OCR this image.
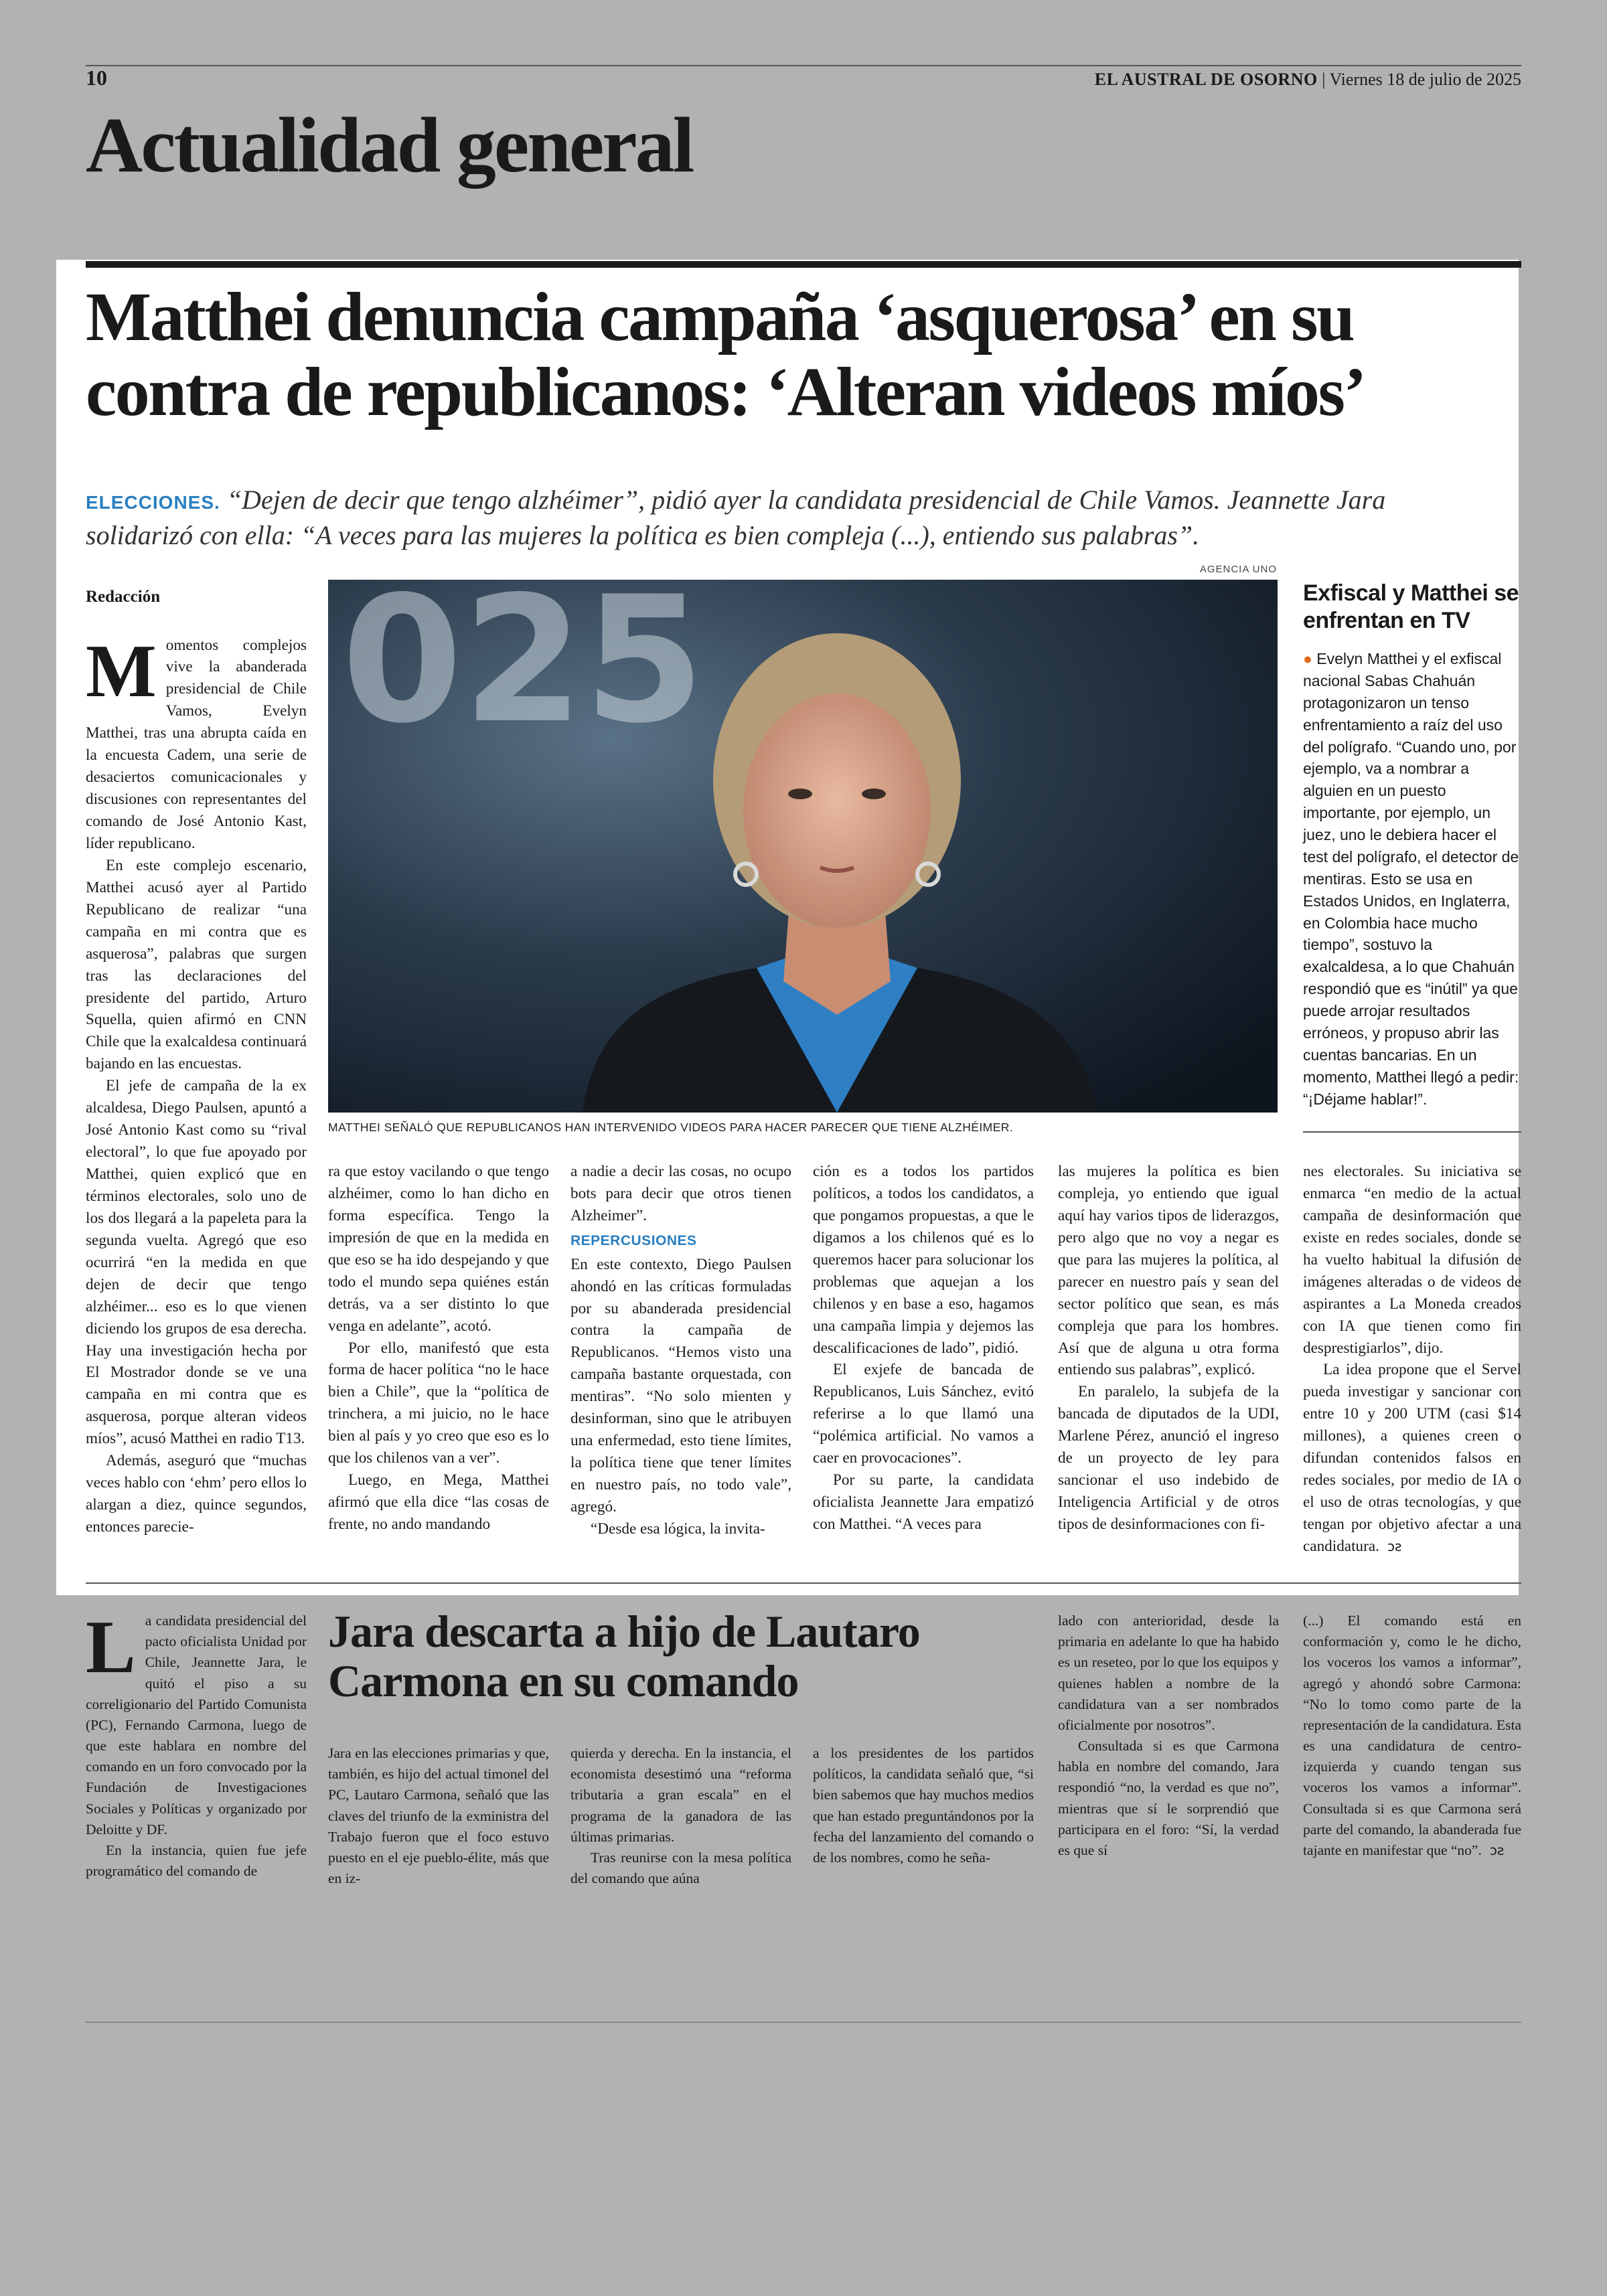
10	EL AUSTRAL DE OSORNO | Viernes 18 de julio de 2025
Actualidad general
Matthei denuncia campaña ‘asquerosa’ en su contra de republicanos: ‘Alteran videos míos’
ELECCIONES. “Dejen de decir que tengo alzhéimer”, pidió ayer la candidata presidencial de Chile Vamos. Jeannette Jara solidarizó con ella: “A veces para las mujeres la política es bien compleja (...), entiendo sus palabras”.
Redacción

Momentos complejos vive la abanderada presidencial de Chile Vamos, Evelyn Matthei, tras una abrupta caída en la encuesta Cadem, una serie de desaciertos comunicacionales y discusiones con representantes del comando de José Antonio Kast, líder republicano.

En este complejo escenario, Matthei acusó ayer al Partido Republicano de realizar “una campaña en mi contra que es asquerosa”, palabras que surgen tras las declaraciones del presidente del partido, Arturo Squella, quien afirmó en CNN Chile que la exalcaldesa continuará bajando en las encuestas.

El jefe de campaña de la ex alcaldesa, Diego Paulsen, apuntó a José Antonio Kast como su “rival electoral”, lo que fue apoyado por Matthei, quien explicó que en términos electorales, solo uno de los dos llegará a la papeleta para la segunda vuelta. Agregó que eso ocurrirá “en la medida en que dejen de decir que tengo alzhéimer... eso es lo que vienen diciendo los grupos de esa derecha. Hay una investigación hecha por El Mostrador donde se ve una campaña en mi contra que es asquerosa, porque alteran videos míos”, acusó Matthei en radio T13.

Además, aseguró que “muchas veces hablo con ‘ehm’ pero ellos lo alargan a diez, quince segundos, entonces parecie-

AGENCIA UNO
025
MATTHEI SEÑALÓ QUE REPUBLICANOS HAN INTERVENIDO VIDEOS PARA HACER PARECER QUE TIENE ALZHÉIMER.
Exfiscal y Matthei se enfrentan en TV
● Evelyn Matthei y el exfiscal nacional Sabas Chahuán protagonizaron un tenso enfrentamiento a raíz del uso del polígrafo. “Cuando uno, por ejemplo, va a nombrar a alguien en un puesto importante, por ejemplo, un juez, uno le debiera hacer el test del polígrafo, el detector de mentiras. Esto se usa en Estados Unidos, en Inglaterra, en Colombia hace mucho tiempo”, sostuvo la exalcaldesa, a lo que Chahuán respondió que es “inútil” ya que puede arrojar resultados erróneos, y propuso abrir las cuentas bancarias. En un momento, Matthei llegó a pedir: “¡Déjame hablar!”.

ra que estoy vacilando o que tengo alzhéimer, como lo han dicho en forma específica. Tengo la impresión de que en la medida en que eso se ha ido despejando y que todo el mundo sepa quiénes están detrás, va a ser distinto lo que venga en adelante”, acotó.

Por ello, manifestó que esta forma de hacer política “no le hace bien a Chile”, que la “política de trinchera, a mi juicio, no le hace bien al país y yo creo que eso es lo que los chilenos van a ver”.

Luego, en Mega, Matthei afirmó que ella dice “las cosas de frente, no ando mandando

a nadie a decir las cosas, no ocupo bots para decir que otros tienen Alzheimer”.

REPERCUSIONES

En este contexto, Diego Paulsen ahondó en las críticas formuladas por su abanderada presidencial contra la campaña de Republicanos. “Hemos visto una campaña bastante orquestada, con mentiras”. “No solo mienten y desinforman, sino que le atribuyen una enfermedad, esto tiene límites, la política tiene que tener límites en nuestro país, no todo vale”, agregó.

“Desde esa lógica, la invita-

ción es a todos los partidos políticos, a todos los candidatos, a que pongamos propuestas, a que le digamos a los chilenos qué es lo queremos hacer para solucionar los problemas que aquejan a los chilenos y en base a eso, hagamos una campaña limpia y dejemos las descalificaciones de lado”, pidió.

El exjefe de bancada de Republicanos, Luis Sánchez, evitó referirse a lo que llamó una “polémica artificial. No vamos a caer en provocaciones”.

Por su parte, la candidata oficialista Jeannette Jara empatizó con Matthei. “A veces para

las mujeres la política es bien compleja, yo entiendo que igual aquí hay varios tipos de liderazgos, pero algo que no voy a negar es que para las mujeres la política, al parecer en nuestro país y sean del sector político que sean, es más compleja que para los hombres. Así que de alguna u otra forma entiendo sus palabras”, explicó.

En paralelo, la subjefa de la bancada de diputados de la UDI, Marlene Pérez, anunció el ingreso de un proyecto de ley para sancionar el uso indebido de Inteligencia Artificial y de otros tipos de desinformaciones con fi-

nes electorales. Su iniciativa se enmarca “en medio de la actual campaña de desinformación que existe en redes sociales, donde se ha vuelto habitual la difusión de imágenes alteradas o de videos de aspirantes a La Moneda creados con IA que tienen como fin desprestigiarlos”, dijo.

La idea propone que el Servel pueda investigar y sancionar con entre 10 y 200 UTM (casi $14 millones), a quienes creen o difundan contenidos falsos en redes sociales, por medio de IA o el uso de otras tecnologías, y que tengan por objetivo afectar a una candidatura. ↄƨ

Jara descarta a hijo de Lautaro Carmona en su comando

La candidata presidencial del pacto oficialista Unidad por Chile, Jeannette Jara, le quitó el piso a su correligionario del Partido Comunista (PC), Fernando Carmona, luego de que este hablara en nombre del comando en un foro convocado por la Fundación de Investigaciones Sociales y Políticas y organizado por Deloitte y DF.

En la instancia, quien fue jefe programático del comando de

Jara en las elecciones primarias y que, también, es hijo del actual timonel del PC, Lautaro Carmona, señaló que las claves del triunfo de la exministra del Trabajo fueron que el foco estuvo puesto en el eje pueblo-élite, más que en iz-

quierda y derecha. En la instancia, el economista desestimó una “reforma tributaria a gran escala” en el programa de la ganadora de las últimas primarias.

Tras reunirse con la mesa política del comando que aúna

a los presidentes de los partidos políticos, la candidata señaló que, “si bien sabemos que hay muchos medios que han estado preguntándonos por la fecha del lanzamiento del comando o de los nombres, como he seña-

lado con anterioridad, desde la primaria en adelante lo que ha habido es un reseteo, por lo que los equipos y quienes hablen a nombre de la candidatura van a ser nombrados oficialmente por nosotros”.

Consultada si es que Carmona habla en nombre del comando, Jara respondió “no, la verdad es que no”, mientras que sí le sorprendió que participara en el foro: “Sí, la verdad es que sí

(...) El comando está en conformación y, como le he dicho, los voceros los vamos a informar”, agregó y ahondó sobre Carmona: “No lo tomo como parte de la representación de la candidatura. Esta es una candidatura de centro-izquierda y cuando tengan sus voceros los vamos a informar”. Consultada si es que Carmona será parte del comando, la abanderada fue tajante en manifestar que “no”. ↄƨ
